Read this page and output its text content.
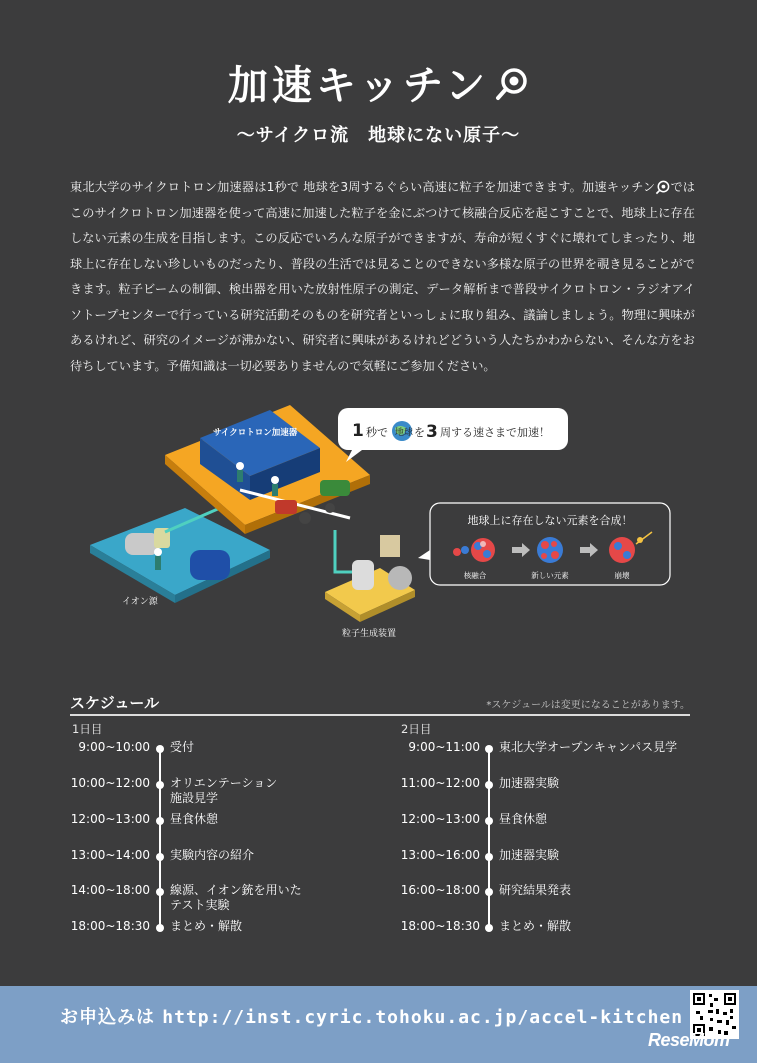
加速キッチン
〜サイクロ流　地球にない原子〜
東北大学のサイクロトロン加速器は1秒で 地球を3周するぐらい高速に粒子を加速できます。加速キッチン ではこのサイクロトロン加速器を使って高速に加速した粒子を金にぶつけて核融合反応を起こすことで、地球上に存在しない元素の生成を目指します。この反応でいろんな原子ができますが、寿命が短くすぐに壊れてしまったり、地球上に存在しない珍しいものだったり、普段の生活では見ることのできない多様な原子の世界を覗き見ることができます。粒子ビームの制御、検出器を用いた放射性原子の測定、データ解析まで普段サイクロトロン・ラジオアイソトープセンターで行っている研究活動そのものを研究者といっしょに取り組み、議論しましょう。物理に興味があるけれど、研究のイメージが沸かない、研究者に興味があるけれどどういう人たちかわからない、そんな方をお待ちしています。予備知識は一切必要ありませんので気軽にご参加ください。
サイクロトロン加速器
イオン源
粒子生成装置
1 秒で 地球 を 3 周する速さまで加速！
地球上に存在しない元素を合成！
核融合	新しい元素	崩壊
スケジュール	*スケジュールは変更になることがあります。
1日目	2日目
9:00~10:00 受付
10:00~12:00 オリエンテーション
施設見学
12:00~13:00 昼食休憩
13:00~14:00 実験内容の紹介
14:00~18:00 線源、イオン銃を用いた
テスト実験
18:00~18:30 まとめ・解散
9:00~11:00 東北大学オープンキャンパス見学
11:00~12:00 加速器実験
12:00~13:00 昼食休憩
13:00~16:00 加速器実験
16:00~18:00 研究結果発表
18:00~18:30 まとめ・解散
お申込みは http://inst.cyric.tohoku.ac.jp/accel-kitchen
ReseMom
